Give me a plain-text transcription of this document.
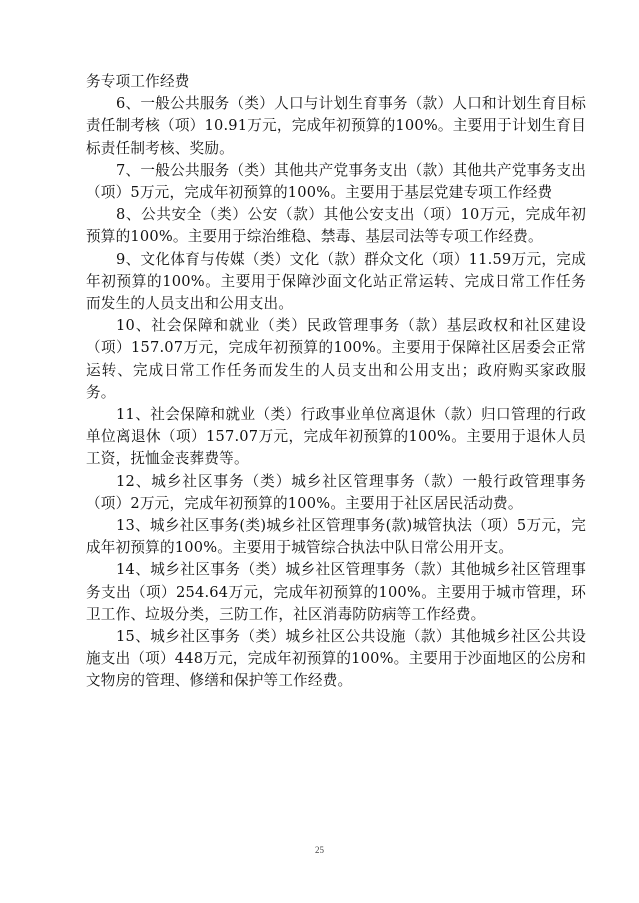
务专项工作经费

6、一般公共服务（类）人口与计划生育事务（款）人口和计划生育目标责任制考核（项）10.91万元，完成年初预算的100%。主要用于计划生育目标责任制考核、奖励。

7、一般公共服务（类）其他共产党事务支出（款）其他共产党事务支出（项）5万元，完成年初预算的100%。主要用于基层党建专项工作经费

8、公共安全（类）公安（款）其他公安支出（项）10万元，完成年初预算的100%。主要用于综治维稳、禁毒、基层司法等专项工作经费。

9、文化体育与传媒（类）文化（款）群众文化（项）11.59万元，完成年初预算的100%。主要用于保障沙面文化站正常运转、完成日常工作任务而发生的人员支出和公用支出。

10、社会保障和就业（类）民政管理事务（款）基层政权和社区建设（项）157.07万元，完成年初预算的100%。主要用于保障社区居委会正常运转、完成日常工作任务而发生的人员支出和公用支出；政府购买家政服务。

11、社会保障和就业（类）行政事业单位离退休（款）归口管理的行政单位离退休（项）157.07万元，完成年初预算的100%。主要用于退休人员工资，抚恤金丧葬费等。

12、城乡社区事务（类）城乡社区管理事务（款）一般行政管理事务（项）2万元，完成年初预算的100%。主要用于社区居民活动费。

13、城乡社区事务(类)城乡社区管理事务(款)城管执法（项）5万元，完成年初预算的100%。主要用于城管综合执法中队日常公用开支。

14、城乡社区事务（类）城乡社区管理事务（款）其他城乡社区管理事务支出（项）254.64万元，完成年初预算的100%。主要用于城市管理，环卫工作、垃圾分类，三防工作，社区消毒防防病等工作经费。

15、城乡社区事务（类）城乡社区公共设施（款）其他城乡社区公共设施支出（项）448万元，完成年初预算的100%。主要用于沙面地区的公房和文物房的管理、修缮和保护等工作经费。

25
